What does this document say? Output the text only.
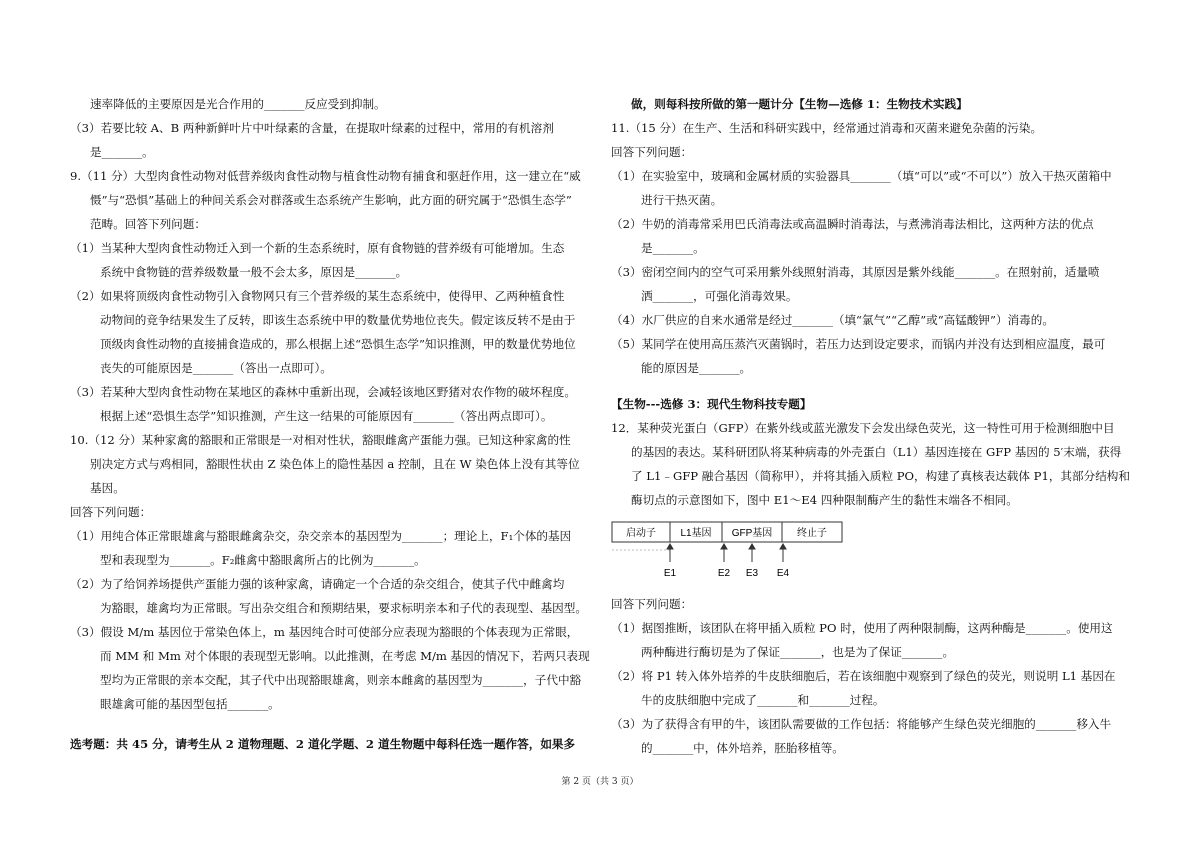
速率降低的主要原因是光合作用的_______反应受到抑制。

（3）若要比较 A、B 两种新鲜叶片中叶绿素的含量，在提取叶绿素的过程中，常用的有机溶剂

是_______。

9.（11 分）大型肉食性动物对低营养级肉食性动物与植食性动物有捕食和驱赶作用，这一建立在“威

慑”与“恐惧”基础上的种间关系会对群落或生态系统产生影响，此方面的研究属于“恐惧生态学”

范畴。回答下列问题：

（1）当某种大型肉食性动物迁入到一个新的生态系统时，原有食物链的营养级有可能增加。生态

系统中食物链的营养级数量一般不会太多，原因是_______。

（2）如果将顶级肉食性动物引入食物网只有三个营养级的某生态系统中，使得甲、乙两种植食性

动物间的竞争结果发生了反转，即该生态系统中甲的数量优势地位丧失。假定该反转不是由于

顶级肉食性动物的直接捕食造成的，那么根据上述“恐惧生态学”知识推测，甲的数量优势地位

丧失的可能原因是_______（答出一点即可）。

（3）若某种大型肉食性动物在某地区的森林中重新出现，会减轻该地区野猪对农作物的破坏程度。

根据上述“恐惧生态学”知识推测，产生这一结果的可能原因有_______（答出两点即可）。

10.（12 分）某种家禽的豁眼和正常眼是一对相对性状，豁眼雌禽产蛋能力强。已知这种家禽的性

别决定方式与鸡相同，豁眼性状由 Z 染色体上的隐性基因 a 控制，且在 W 染色体上没有其等位

基因。

回答下列问题：

（1）用纯合体正常眼雄禽与豁眼雌禽杂交，杂交亲本的基因型为_______；理论上，F₁个体的基因

型和表现型为_______。F₂雌禽中豁眼禽所占的比例为_______。

（2）为了给饲养场提供产蛋能力强的该种家禽，请确定一个合适的杂交组合，使其子代中雌禽均

为豁眼，雄禽均为正常眼。写出杂交组合和预期结果，要求标明亲本和子代的表现型、基因型。

（3）假设 M/m 基因位于常染色体上，m 基因纯合时可使部分应表现为豁眼的个体表现为正常眼，

而 MM 和 Mm 对个体眼的表现型无影响。以此推测，在考虑 M/m 基因的情况下，若两只表现

型均为正常眼的亲本交配，其子代中出现豁眼雄禽，则亲本雌禽的基因型为_______，子代中豁

眼雄禽可能的基因型包括_______。

选考题：共 45 分，请考生从 2 道物理题、2 道化学题、2 道生物题中每科任选一题作答，如果多

做，则每科按所做的第一题计分【生物—选修 1：生物技术实践】

11.（15 分）在生产、生活和科研实践中，经常通过消毒和灭菌来避免杂菌的污染。

回答下列问题：

（1）在实验室中，玻璃和金属材质的实验器具_______（填“可以”或“不可以”）放入干热灭菌箱中

进行干热灭菌。

（2）牛奶的消毒常采用巴氏消毒法或高温瞬时消毒法，与煮沸消毒法相比，这两种方法的优点

是_______。

（3）密闭空间内的空气可采用紫外线照射消毒，其原因是紫外线能_______。在照射前，适量喷

洒_______，可强化消毒效果。

（4）水厂供应的自来水通常是经过_______（填“氯气”“乙醇”或“高锰酸钾”）消毒的。

（5）某同学在使用高压蒸汽灭菌锅时，若压力达到设定要求，而锅内并没有达到相应温度，最可

能的原因是_______。

【生物---选修 3：现代生物科技专题】

12．某种荧光蛋白（GFP）在紫外线或蓝光激发下会发出绿色荧光，这一特性可用于检测细胞中目

的基因的表达。某科研团队将某种病毒的外壳蛋白（L1）基因连接在 GFP 基因的 5′末端，获得

了 L1﹣GFP 融合基因（简称甲），并将其插入质粒 PO，构建了真核表达载体 P1，其部分结构和

酶切点的示意图如下，图中 E1～E4 四种限制酶产生的黏性末端各不相同。

启动子 L1基因 GFP基因 终止子
E1	E2 E3 E4

回答下列问题：

（1）据图推断，该团队在将甲插入质粒 PO 时，使用了两种限制酶，这两种酶是_______。使用这

两种酶进行酶切是为了保证_______，也是为了保证_______。

（2）将 P1 转入体外培养的牛皮肤细胞后，若在该细胞中观察到了绿色的荧光，则说明 L1 基因在

牛的皮肤细胞中完成了_______和_______过程。

（3）为了获得含有甲的牛，该团队需要做的工作包括：将能够产生绿色荧光细胞的_______移入牛

的_______中，体外培养，胚胎移植等。

第 2 页（共 3 页）
